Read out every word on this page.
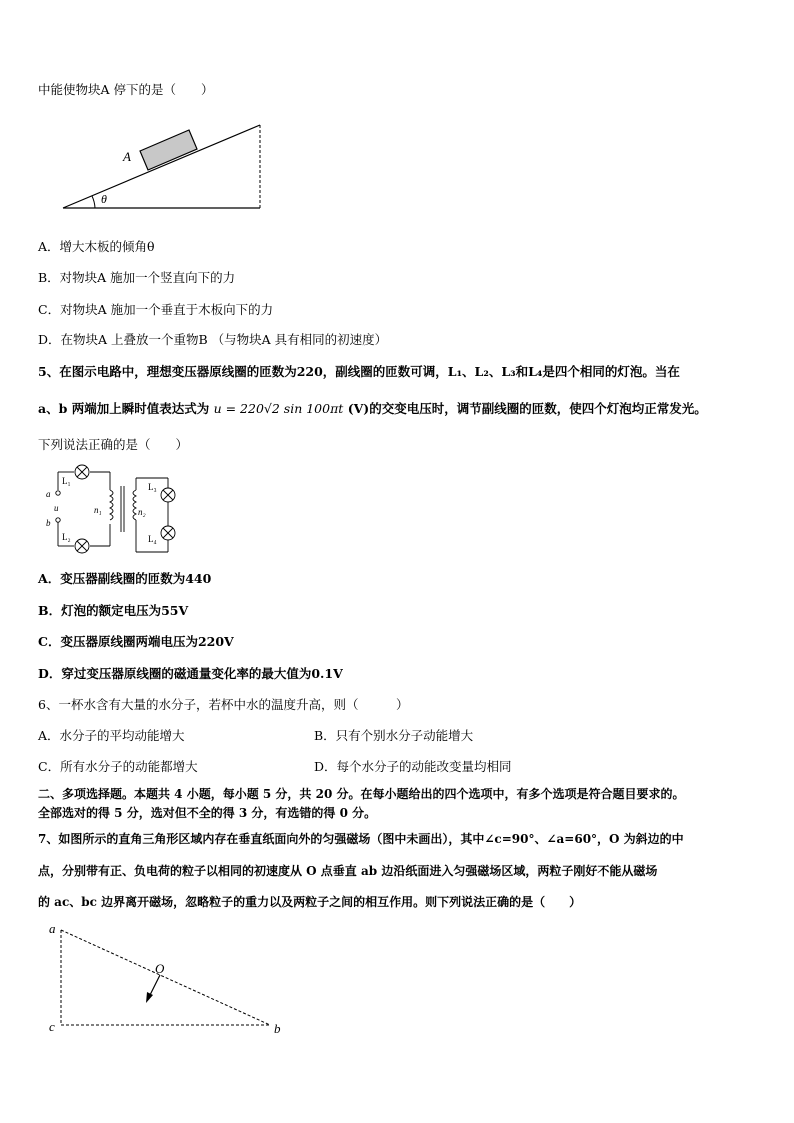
中能使物块A 停下的是（　　）
A
θ
A．增大木板的倾角θ
B．对物块A 施加一个竖直向下的力
C．对物块A 施加一个垂直于木板向下的力
D．在物块A 上叠放一个重物B （与物块A 具有相同的初速度）
5、在图示电路中，理想变压器原线圈的匝数为220，副线圈的匝数可调，L₁、L₂、L₃和L₄是四个相同的灯泡。当在
a、b 两端加上瞬时值表达式为 u = 220√2 sin 100πt (V)的交变电压时，调节副线圈的匝数，使四个灯泡均正常发光。
下列说法正确的是（　　）
L₁
L₂
L₃
L₄
a
b
u	n₁	n₂
A．变压器副线圈的匝数为440
B．灯泡的额定电压为55V
C．变压器原线圈两端电压为220V
D．穿过变压器原线圈的磁通量变化率的最大值为0.1V
6、一杯水含有大量的水分子，若杯中水的温度升高，则（　　　）
A．水分子的平均动能增大	B．只有个别水分子动能增大
C．所有水分子的动能都增大	D．每个水分子的动能改变量均相同
二、多项选择题。本题共 4 小题，每小题 5 分，共 20 分。在每小题给出的四个选项中，有多个选项是符合题目要求的。
全部选对的得 5 分，选对但不全的得 3 分，有选错的得 0 分。
7、如图所示的直角三角形区域内存在垂直纸面向外的匀强磁场（图中未画出），其中∠c=90°、∠a=60°，O 为斜边的中
点，分别带有正、负电荷的粒子以相同的初速度从 O 点垂直 ab 边沿纸面进入匀强磁场区域，两粒子刚好不能从磁场
的 ac、bc 边界离开磁场，忽略粒子的重力以及两粒子之间的相互作用。则下列说法正确的是（　　）
a
b
c
O
